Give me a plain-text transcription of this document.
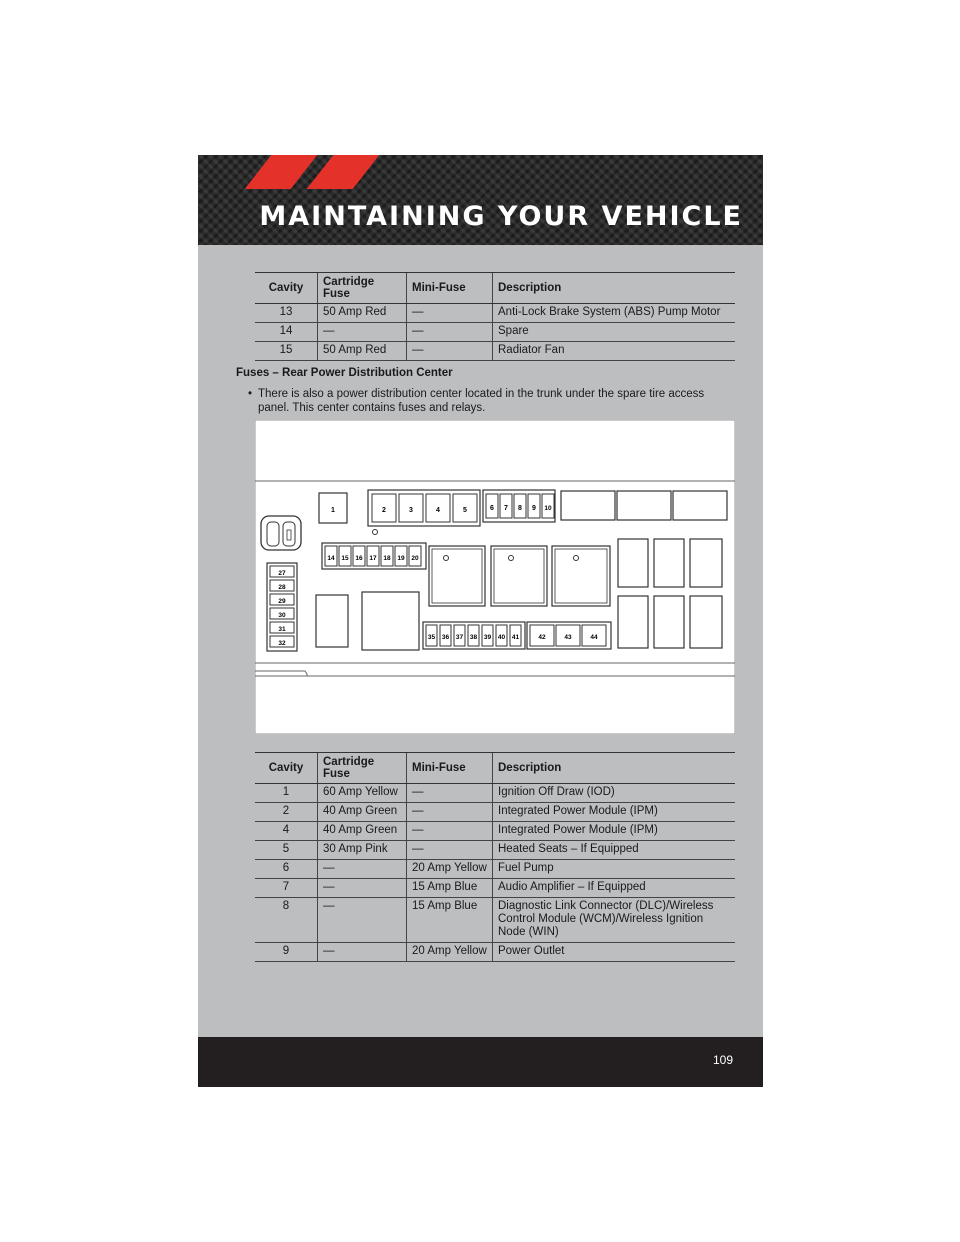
MAINTAINING YOUR VEHICLE
Cavity	Cartridge Fuse	Mini-Fuse	Description
13	50 Amp Red	—	Anti-Lock Brake System (ABS) Pump Motor
14	—	—	Spare
15	50 Amp Red	—	Radiator Fan
Fuses – Rear Power Distribution Center
• There is also a power distribution center located in the trunk under the spare tire access panel. This center contains fuses and relays.
1	2	3	4	5	6 7 8 9 10
14 15 16 17 18 19 20
27
28
29
30
31
32
35 36 37 38 39 40 41	42	43	44
Cavity	Cartridge Fuse	Mini-Fuse	Description
1	60 Amp Yellow	—	Ignition Off Draw (IOD)
2	40 Amp Green	—	Integrated Power Module (IPM)
4	40 Amp Green	—	Integrated Power Module (IPM)
5	30 Amp Pink	—	Heated Seats – If Equipped
6	—	20 Amp Yellow	Fuel Pump
7	—	15 Amp Blue	Audio Amplifier – If Equipped
8	—	15 Amp Blue	Diagnostic Link Connector (DLC)/Wireless Control Module (WCM)/Wireless Ignition Node (WIN)
9	—	20 Amp Yellow	Power Outlet
109
